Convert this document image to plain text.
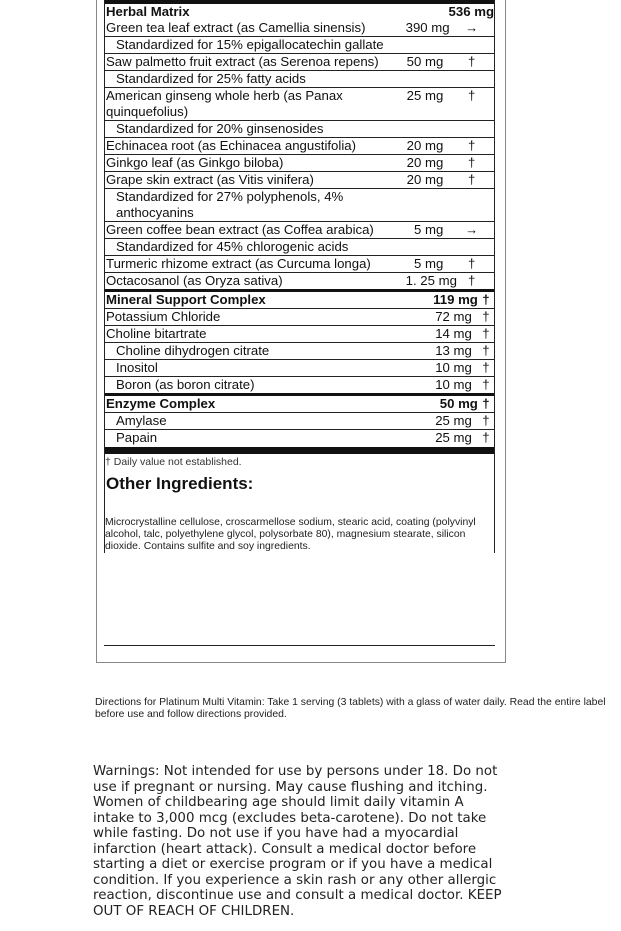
Herbal Matrix	536 mg	
Green tea leaf extract (as Camellia sinensis)	390 mg	→
Standardized for 15% epigallocatechin gallate		
Saw palmetto fruit extract (as Serenoa repens)	50 mg	†
Standardized for 25% fatty acids		
American ginseng whole herb (as Panax quinquefolius)	25 mg	†
Standardized for 20% ginsenosides		
Echinacea root (as Echinacea angustifolia)	20 mg	†
Ginkgo leaf (as Ginkgo biloba)	20 mg	†
Grape skin extract (as Vitis vinifera)	20 mg	†
Standardized for 27% polyphenols, 4% anthocyanins		
Green coffee bean extract (as Coffea arabica)	5 mg	→
Standardized for 45% chlorogenic acids		
Turmeric rhizome extract (as Curcuma longa)	5 mg	†
Octacosanol (as Oryza sativa)	1. 25 mg	†
Mineral Support Complex	119 mg	†
Potassium Chloride	72 mg	†
Choline bitartrate	14 mg	†
Choline dihydrogen citrate	13 mg	†
Inositol	10 mg	†
Boron (as boron citrate)	10 mg	†
Enzyme Complex	50 mg	†
Amylase	25 mg	†
Papain	25 mg	†
† Daily value not established.
Other Ingredients:
Microcrystalline cellulose, croscarmellose sodium, stearic acid, coating (polyvinyl alcohol, talc, polyethylene glycol, polysorbate 80), magnesium stearate, silicon dioxide. Contains sulfite and soy ingredients.
Directions for Platinum Multi Vitamin: Take 1 serving (3 tablets) with a glass of water daily. Read the entire label before use and follow directions provided.
Warnings: Not intended for use by persons under 18. Do not use if pregnant or nursing. May cause flushing and itching. Women of childbearing age should limit daily vitamin A intake to 3,000 mcg (excludes beta-carotene). Do not take while fasting. Do not use if you have had a myocardial infarction (heart attack). Consult a medical doctor before starting a diet or exercise program or if you have a medical condition. If you experience a skin rash or any other allergic reaction, discontinue use and consult a medical doctor. KEEP OUT OF REACH OF CHILDREN.
